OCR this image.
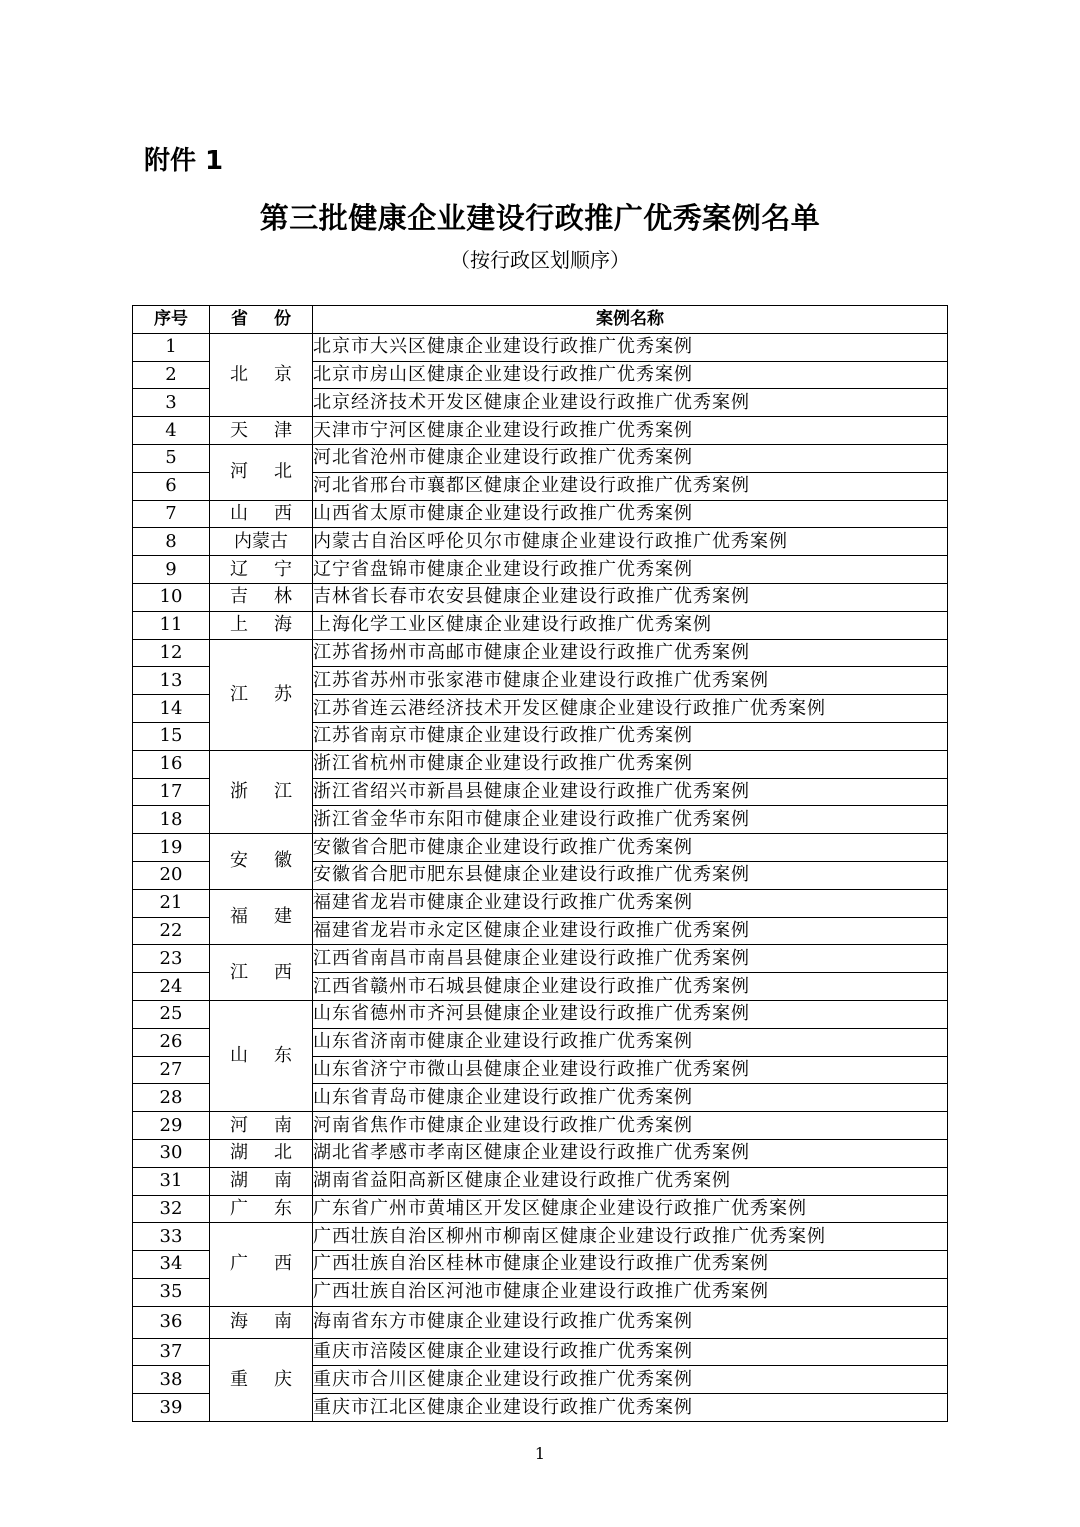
附件 1
第三批健康企业建设行政推广优秀案例名单
（按行政区划顺序）
序号	省份	案例名称
1	北京	北京市大兴区健康企业建设行政推广优秀案例
2		北京市房山区健康企业建设行政推广优秀案例
3		北京经济技术开发区健康企业建设行政推广优秀案例
4	天津	天津市宁河区健康企业建设行政推广优秀案例
5	河北	河北省沧州市健康企业建设行政推广优秀案例
6		河北省邢台市襄都区健康企业建设行政推广优秀案例
7	山西	山西省太原市健康企业建设行政推广优秀案例
8	内蒙古	内蒙古自治区呼伦贝尔市健康企业建设行政推广优秀案例
9	辽宁	辽宁省盘锦市健康企业建设行政推广优秀案例
10	吉林	吉林省长春市农安县健康企业建设行政推广优秀案例
11	上海	上海化学工业区健康企业建设行政推广优秀案例
12	江苏	江苏省扬州市高邮市健康企业建设行政推广优秀案例
13		江苏省苏州市张家港市健康企业建设行政推广优秀案例
14		江苏省连云港经济技术开发区健康企业建设行政推广优秀案例
15		江苏省南京市健康企业建设行政推广优秀案例
16	浙江	浙江省杭州市健康企业建设行政推广优秀案例
17		浙江省绍兴市新昌县健康企业建设行政推广优秀案例
18		浙江省金华市东阳市健康企业建设行政推广优秀案例
19	安徽	安徽省合肥市健康企业建设行政推广优秀案例
20		安徽省合肥市肥东县健康企业建设行政推广优秀案例
21	福建	福建省龙岩市健康企业建设行政推广优秀案例
22		福建省龙岩市永定区健康企业建设行政推广优秀案例
23	江西	江西省南昌市南昌县健康企业建设行政推广优秀案例
24		江西省赣州市石城县健康企业建设行政推广优秀案例
25	山东	山东省德州市齐河县健康企业建设行政推广优秀案例
26		山东省济南市健康企业建设行政推广优秀案例
27		山东省济宁市微山县健康企业建设行政推广优秀案例
28		山东省青岛市健康企业建设行政推广优秀案例
29	河南	河南省焦作市健康企业建设行政推广优秀案例
30	湖北	湖北省孝感市孝南区健康企业建设行政推广优秀案例
31	湖南	湖南省益阳高新区健康企业建设行政推广优秀案例
32	广东	广东省广州市黄埔区开发区健康企业建设行政推广优秀案例
33	广西	广西壮族自治区柳州市柳南区健康企业建设行政推广优秀案例
34		广西壮族自治区桂林市健康企业建设行政推广优秀案例
35		广西壮族自治区河池市健康企业建设行政推广优秀案例
36	海南	海南省东方市健康企业建设行政推广优秀案例
37	重庆	重庆市涪陵区健康企业建设行政推广优秀案例
38		重庆市合川区健康企业建设行政推广优秀案例
39		重庆市江北区健康企业建设行政推广优秀案例
1
